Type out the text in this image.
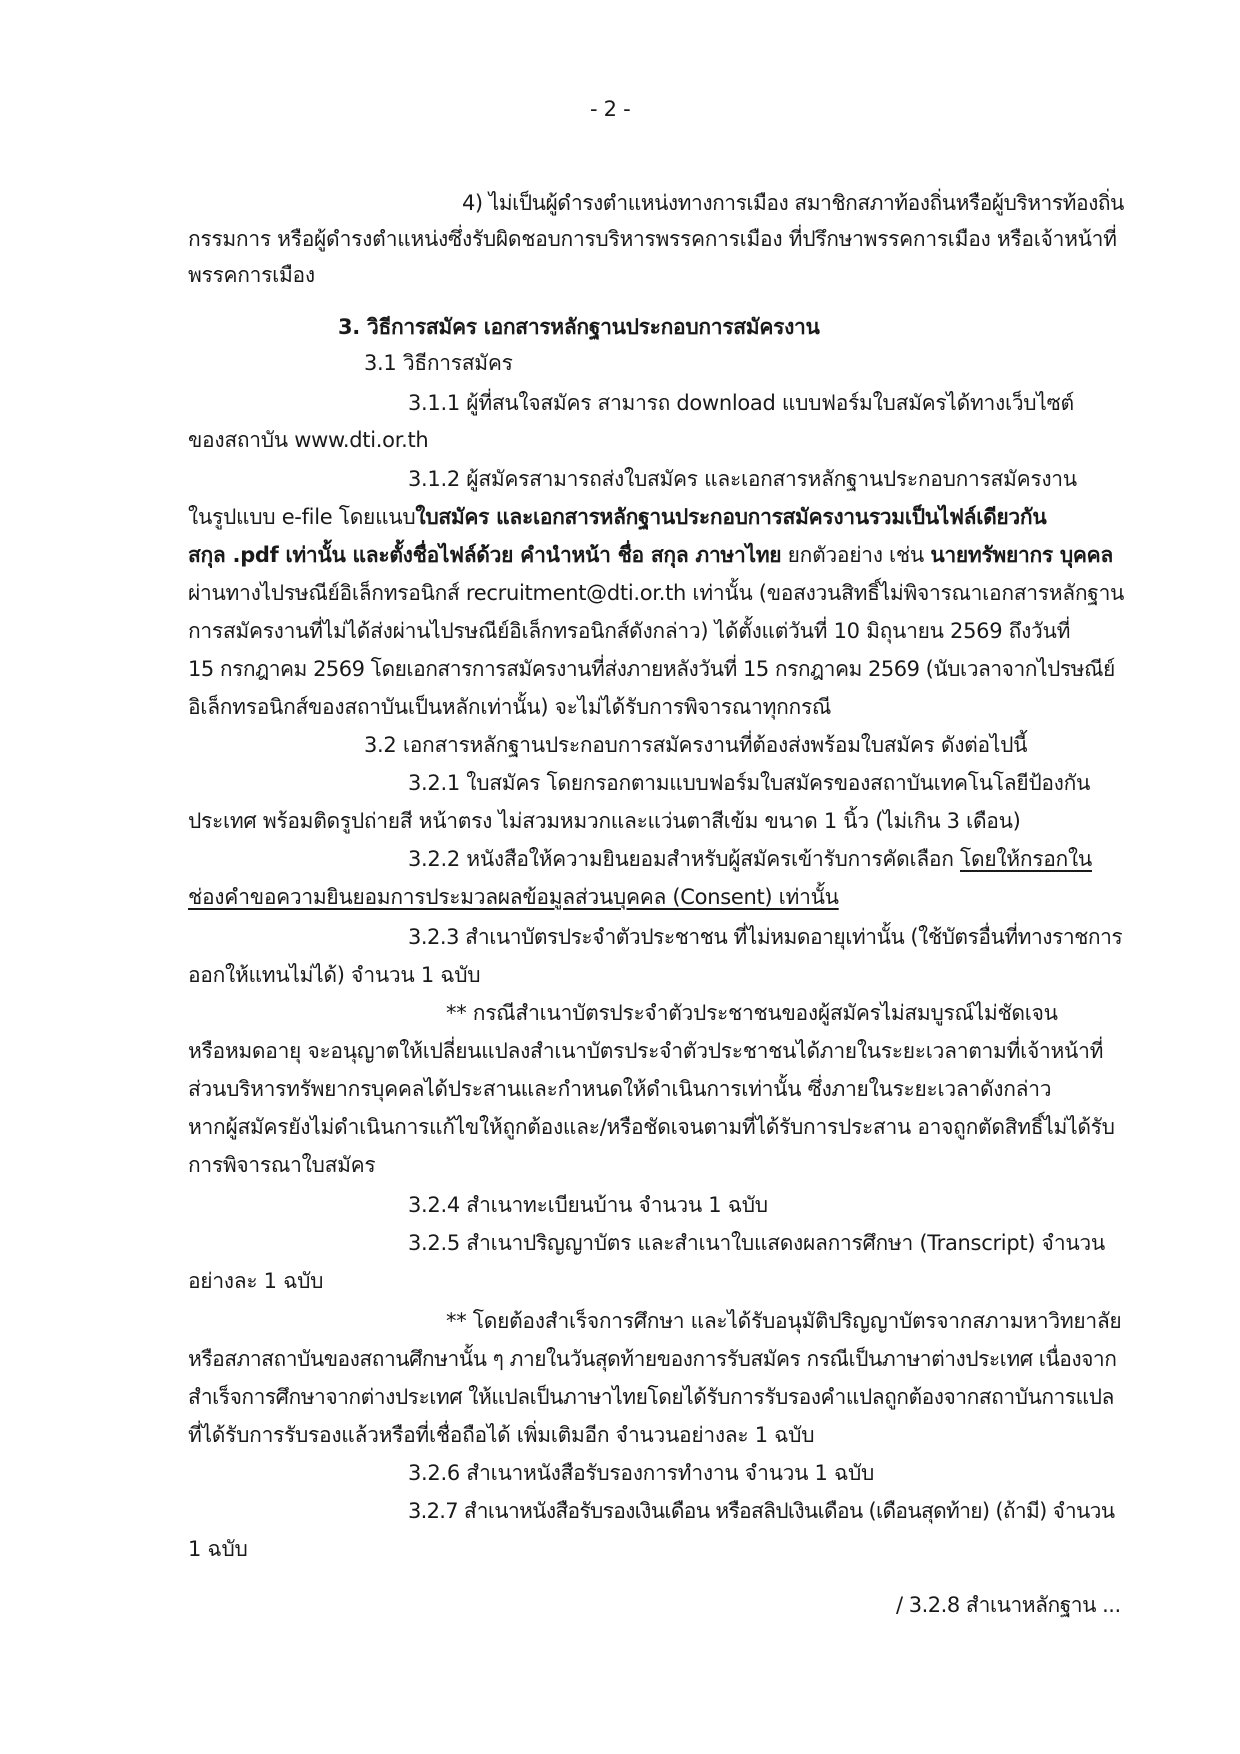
- 2 -
4) ไม่เป็นผู้ดำรงตำแหน่งทางการเมือง สมาชิกสภาท้องถิ่นหรือผู้บริหารท้องถิ่น
กรรมการ หรือผู้ดำรงตำแหน่งซึ่งรับผิดชอบการบริหารพรรคการเมือง ที่ปรึกษาพรรคการเมือง หรือเจ้าหน้าที่
พรรคการเมือง
3. วิธีการสมัคร เอกสารหลักฐานประกอบการสมัครงาน
3.1 วิธีการสมัคร
3.1.1 ผู้ที่สนใจสมัคร สามารถ download แบบฟอร์มใบสมัครได้ทางเว็บไซต์
ของสถาบัน www.dti.or.th
3.1.2 ผู้สมัครสามารถส่งใบสมัคร และเอกสารหลักฐานประกอบการสมัครงาน
ในรูปแบบ e-file โดยแนบใบสมัคร และเอกสารหลักฐานประกอบการสมัครงานรวมเป็นไฟล์เดียวกัน
สกุล .pdf เท่านั้น และตั้งชื่อไฟล์ด้วย คำนำหน้า ชื่อ สกุล ภาษาไทย ยกตัวอย่าง เช่น นายทรัพยากร บุคคล
ผ่านทางไปรษณีย์อิเล็กทรอนิกส์ recruitment@dti.or.th เท่านั้น (ขอสงวนสิทธิ์ไม่พิจารณาเอกสารหลักฐาน
การสมัครงานที่ไม่ได้ส่งผ่านไปรษณีย์อิเล็กทรอนิกส์ดังกล่าว) ได้ตั้งแต่วันที่ 10 มิถุนายน 2569 ถึงวันที่
15 กรกฎาคม 2569 โดยเอกสารการสมัครงานที่ส่งภายหลังวันที่ 15 กรกฎาคม 2569 (นับเวลาจากไปรษณีย์
อิเล็กทรอนิกส์ของสถาบันเป็นหลักเท่านั้น) จะไม่ได้รับการพิจารณาทุกกรณี
3.2 เอกสารหลักฐานประกอบการสมัครงานที่ต้องส่งพร้อมใบสมัคร ดังต่อไปนี้
3.2.1 ใบสมัคร โดยกรอกตามแบบฟอร์มใบสมัครของสถาบันเทคโนโลยีป้องกัน
ประเทศ พร้อมติดรูปถ่ายสี หน้าตรง ไม่สวมหมวกและแว่นตาสีเข้ม ขนาด 1 นิ้ว (ไม่เกิน 3 เดือน)
3.2.2 หนังสือให้ความยินยอมสำหรับผู้สมัครเข้ารับการคัดเลือก โดยให้กรอกใน
ช่องคำขอความยินยอมการประมวลผลข้อมูลส่วนบุคคล (Consent) เท่านั้น
3.2.3 สำเนาบัตรประจำตัวประชาชน ที่ไม่หมดอายุเท่านั้น (ใช้บัตรอื่นที่ทางราชการ
ออกให้แทนไม่ได้) จำนวน 1 ฉบับ
** กรณีสำเนาบัตรประจำตัวประชาชนของผู้สมัครไม่สมบูรณ์ไม่ชัดเจน
หรือหมดอายุ จะอนุญาตให้เปลี่ยนแปลงสำเนาบัตรประจำตัวประชาชนได้ภายในระยะเวลาตามที่เจ้าหน้าที่
ส่วนบริหารทรัพยากรบุคคลได้ประสานและกำหนดให้ดำเนินการเท่านั้น ซึ่งภายในระยะเวลาดังกล่าว
หากผู้สมัครยังไม่ดำเนินการแก้ไขให้ถูกต้องและ/หรือชัดเจนตามที่ได้รับการประสาน อาจถูกตัดสิทธิ์ไม่ได้รับ
การพิจารณาใบสมัคร
3.2.4 สำเนาทะเบียนบ้าน จำนวน 1 ฉบับ
3.2.5 สำเนาปริญญาบัตร และสำเนาใบแสดงผลการศึกษา (Transcript) จำนวน
อย่างละ 1 ฉบับ
** โดยต้องสำเร็จการศึกษา และได้รับอนุมัติปริญญาบัตรจากสภามหาวิทยาลัย
หรือสภาสถาบันของสถานศึกษานั้น ๆ ภายในวันสุดท้ายของการรับสมัคร กรณีเป็นภาษาต่างประเทศ เนื่องจาก
สำเร็จการศึกษาจากต่างประเทศ ให้แปลเป็นภาษาไทยโดยได้รับการรับรองคำแปลถูกต้องจากสถาบันการแปล
ที่ได้รับการรับรองแล้วหรือที่เชื่อถือได้ เพิ่มเติมอีก จำนวนอย่างละ 1 ฉบับ
3.2.6 สำเนาหนังสือรับรองการทำงาน จำนวน 1 ฉบับ
3.2.7 สำเนาหนังสือรับรองเงินเดือน หรือสลิปเงินเดือน (เดือนสุดท้าย) (ถ้ามี) จำนวน
1 ฉบับ
/ 3.2.8 สำเนาหลักฐาน ...
